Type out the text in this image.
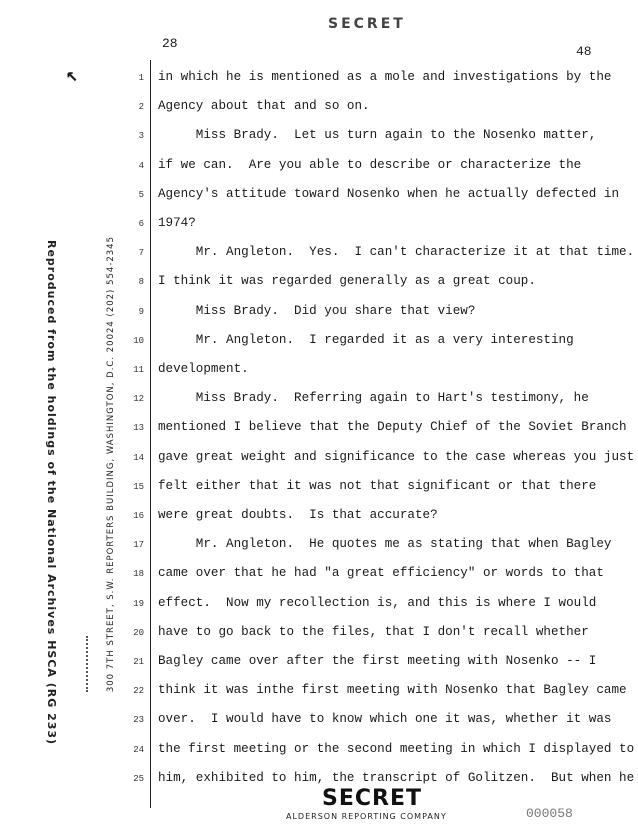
SECRET
28
48
↖
Reproduced from the holdings of the National Archives HSCA (RG 233)	300 7TH STREET, S.W. REPORTERS BUILDING, WASHINGTON, D.C. 20024 (202) 554-2345
1 in which he is mentioned as a mole and investigations by the
2 Agency about that and so on.
3 Miss Brady.  Let us turn again to the Nosenko matter,
4 if we can.  Are you able to describe or characterize the
5 Agency's attitude toward Nosenko when he actually defected in
6 1974?
7 Mr. Angleton.  Yes.  I can't characterize it at that time.
8 I think it was regarded generally as a great coup.
9 Miss Brady.  Did you share that view?
10 Mr. Angleton.  I regarded it as a very interesting
11 development.
12 Miss Brady.  Referring again to Hart's testimony, he
13 mentioned I believe that the Deputy Chief of the Soviet Branch
14 gave great weight and significance to the case whereas you just
15 felt either that it was not that significant or that there
16 were great doubts.  Is that accurate?
17 Mr. Angleton.  He quotes me as stating that when Bagley
18 came over that he had "a great efficiency" or words to that
19 effect.  Now my recollection is, and this is where I would
20 have to go back to the files, that I don't recall whether
21 Bagley came over after the first meeting with Nosenko -- I
22 think it was inthe first meeting with Nosenko that Bagley came
23 over.  I would have to know which one it was, whether it was
24 the first meeting or the second meeting in which I displayed to
25 him, exhibited to him, the transcript of Golitzen.  But when he
SECRET
ALDERSON REPORTING COMPANY	000058
